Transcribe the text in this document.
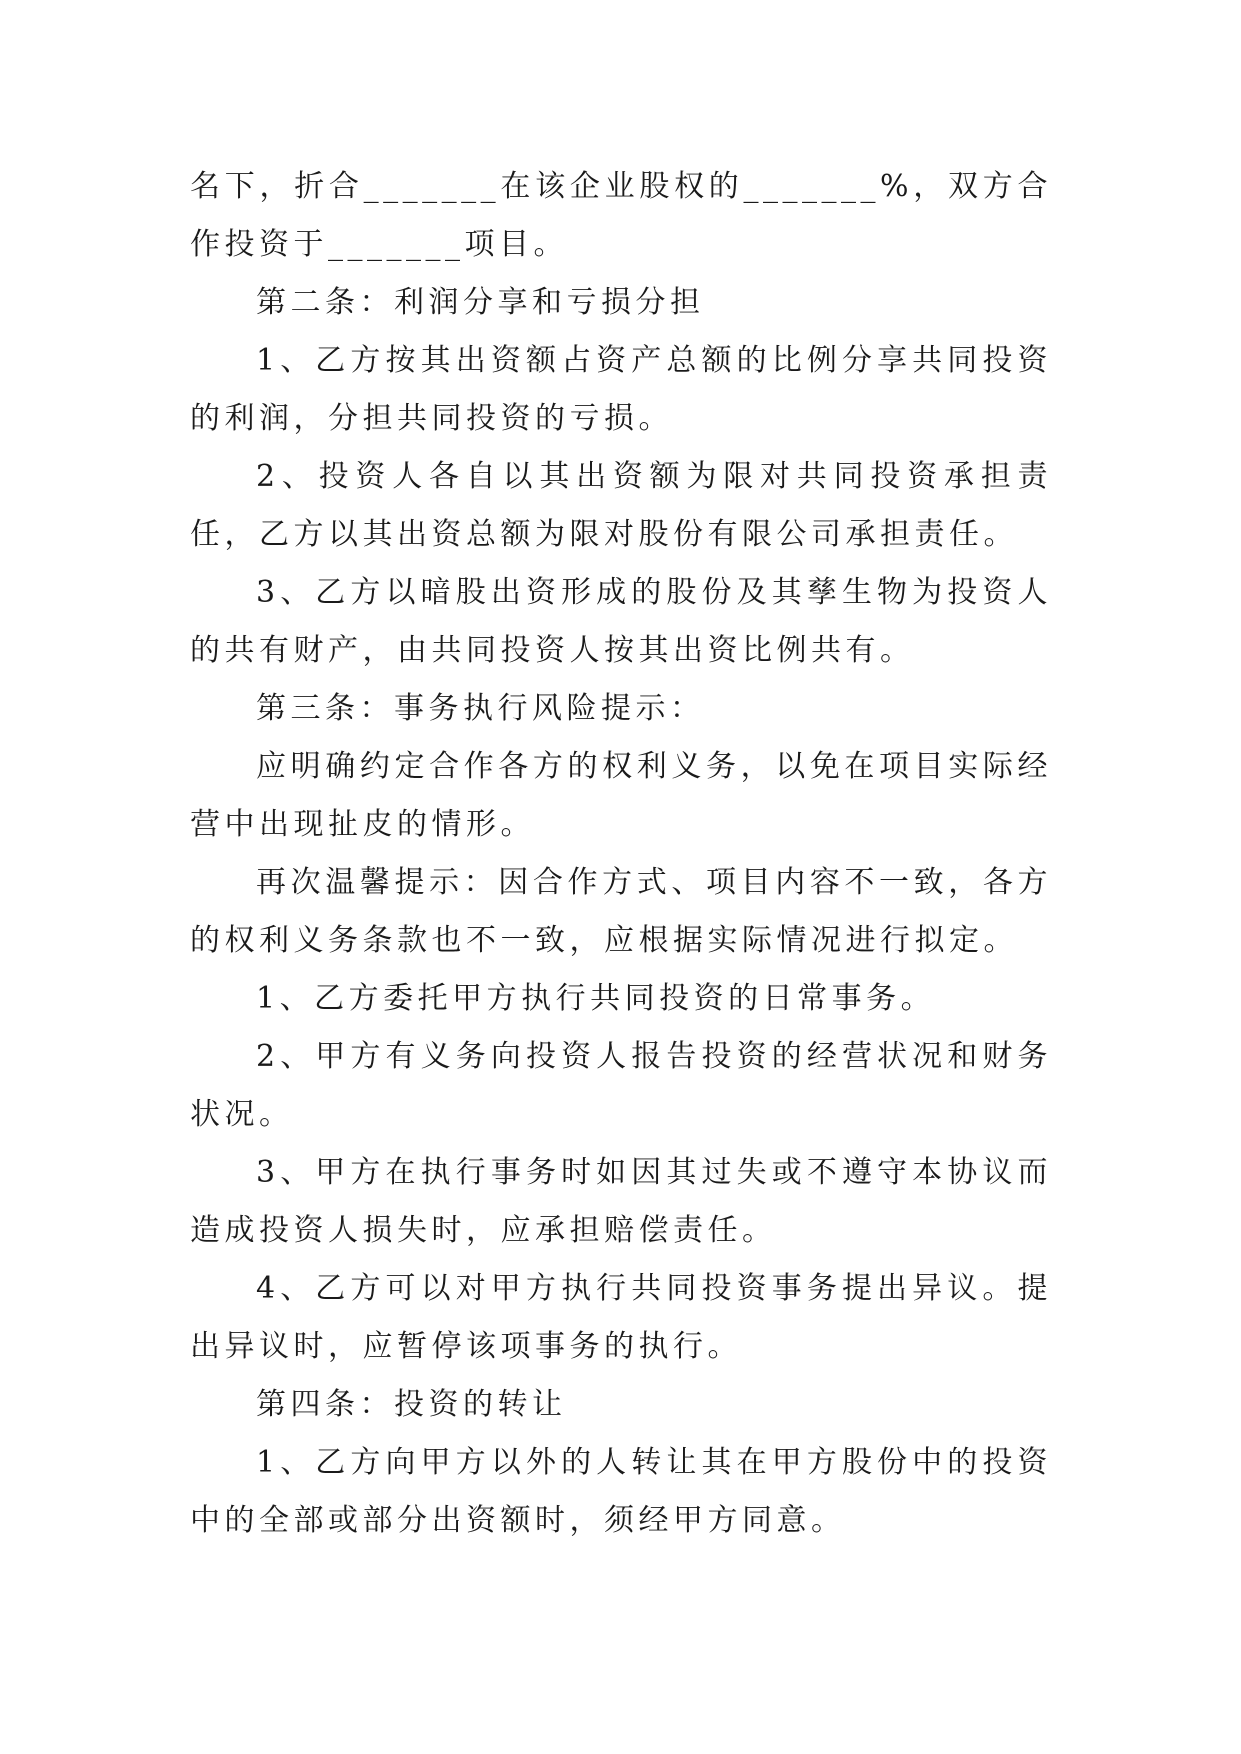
名下，折合_______在该企业股权的_______%，双方合作投资于_______项目。

第二条：利润分享和亏损分担

1、乙方按其出资额占资产总额的比例分享共同投资的利润，分担共同投资的亏损。

2、投资人各自以其出资额为限对共同投资承担责任，乙方以其出资总额为限对股份有限公司承担责任。

3、乙方以暗股出资形成的股份及其孳生物为投资人的共有财产，由共同投资人按其出资比例共有。

第三条：事务执行风险提示：

应明确约定合作各方的权利义务，以免在项目实际经营中出现扯皮的情形。

再次温馨提示：因合作方式、项目内容不一致，各方的权利义务条款也不一致，应根据实际情况进行拟定。

1、乙方委托甲方执行共同投资的日常事务。

2、甲方有义务向投资人报告投资的经营状况和财务状况。

3、甲方在执行事务时如因其过失或不遵守本协议而造成投资人损失时，应承担赔偿责任。

4、乙方可以对甲方执行共同投资事务提出异议。提出异议时，应暂停该项事务的执行。

第四条：投资的转让

1、乙方向甲方以外的人转让其在甲方股份中的投资中的全部或部分出资额时，须经甲方同意。
